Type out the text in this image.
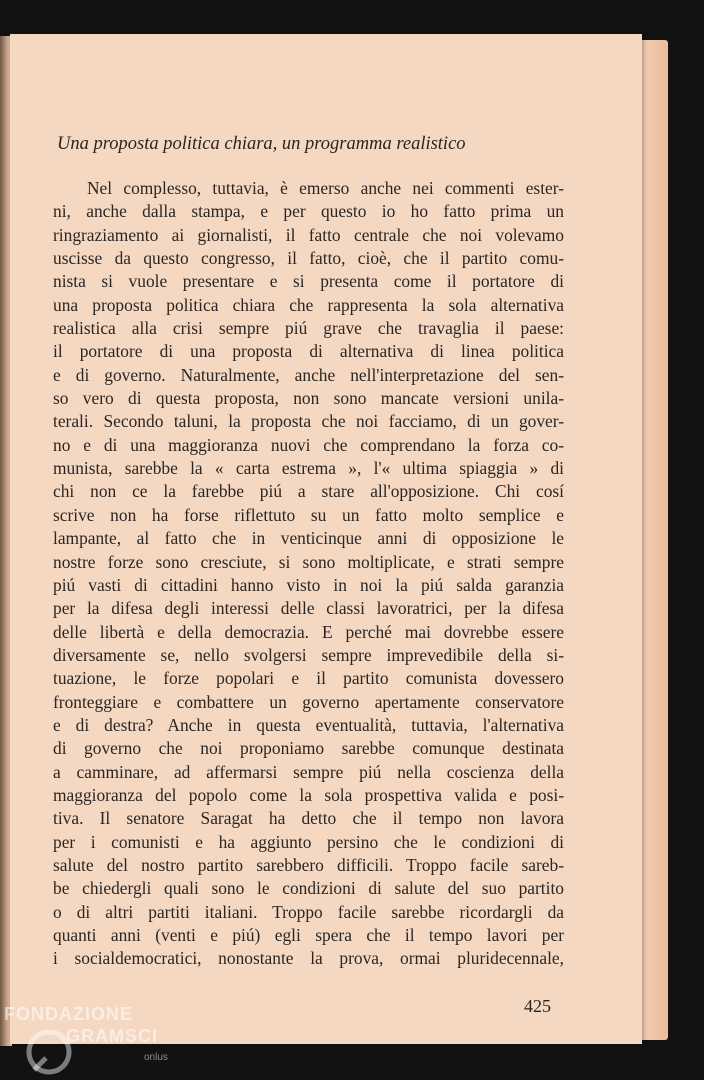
Una proposta politica chiara, un programma realistico
Nel complesso, tuttavia, è emerso anche nei commenti ester-
ni, anche dalla stampa, e per questo io ho fatto prima un
ringraziamento ai giornalisti, il fatto centrale che noi volevamo
uscisse da questo congresso, il fatto, cioè, che il partito comu-
nista si vuole presentare e si presenta come il portatore di
una proposta politica chiara che rappresenta la sola alternativa
realistica alla crisi sempre piú grave che travaglia il paese:
il portatore di una proposta di alternativa di linea politica
e di governo. Naturalmente, anche nell'interpretazione del sen-
so vero di questa proposta, non sono mancate versioni unila-
terali. Secondo taluni, la proposta che noi facciamo, di un gover-
no e di una maggioranza nuovi che comprendano la forza co-
munista, sarebbe la « carta estrema », l'« ultima spiaggia » di
chi non ce la farebbe piú a stare all'opposizione. Chi cosí
scrive non ha forse riflettuto su un fatto molto semplice e
lampante, al fatto che in venticinque anni di opposizione le
nostre forze sono cresciute, si sono moltiplicate, e strati sempre
piú vasti di cittadini hanno visto in noi la piú salda garanzia
per la difesa degli interessi delle classi lavoratrici, per la difesa
delle libertà e della democrazia. E perché mai dovrebbe essere
diversamente se, nello svolgersi sempre imprevedibile della si-
tuazione, le forze popolari e il partito comunista dovessero
fronteggiare e combattere un governo apertamente conservatore
e di destra? Anche in questa eventualità, tuttavia, l'alternativa
di governo che noi proponiamo sarebbe comunque destinata
a camminare, ad affermarsi sempre piú nella coscienza della
maggioranza del popolo come la sola prospettiva valida e posi-
tiva. Il senatore Saragat ha detto che il tempo non lavora
per i comunisti e ha aggiunto persino che le condizioni di
salute del nostro partito sarebbero difficili. Troppo facile sareb-
be chiedergli quali sono le condizioni di salute del suo partito
o di altri partiti italiani. Troppo facile sarebbe ricordargli da
quanti anni (venti e piú) egli spera che il tempo lavori per
i socialdemocratici, nonostante la prova, ormai pluridecennale,
425
FONDAZIONE
GRAMSCI
onlus
